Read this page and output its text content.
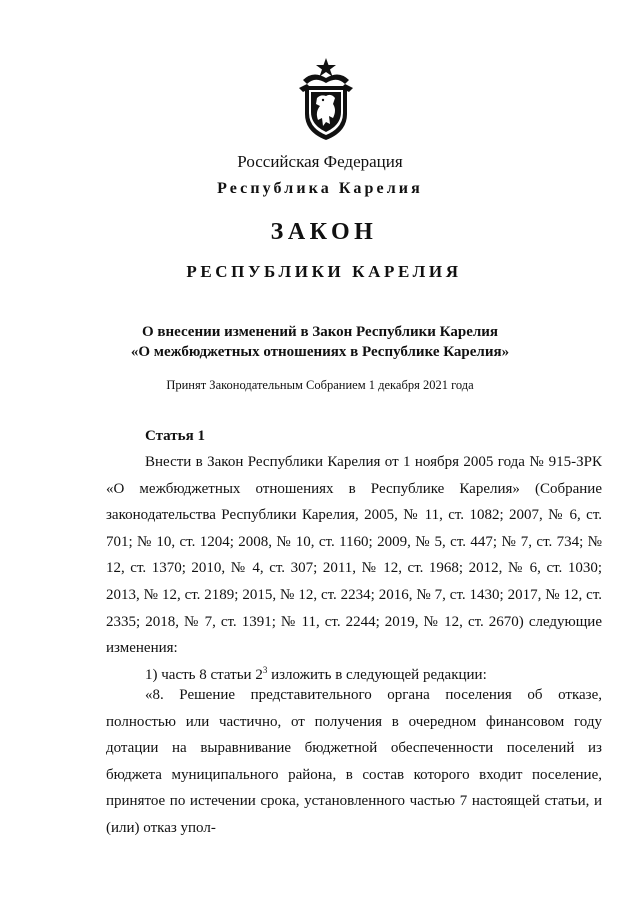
Российская Федерация
Республика Карелия
ЗАКОН
РЕСПУБЛИКИ КАРЕЛИЯ
О внесении изменений в Закон Республики Карелия
«О межбюджетных отношениях в Республике Карелия»
Принят Законодательным Собранием 1 декабря 2021 года
Статья 1
Внести в Закон Республики Карелия от 1 ноября 2005 года № 915-ЗРК «О межбюджетных отношениях в Республике Карелия» (Собрание законодательства Республики Карелия, 2005, № 11, ст. 1082; 2007, № 6, ст. 701; № 10, ст. 1204; 2008, № 10, ст. 1160; 2009, № 5, ст. 447; № 7, ст. 734; № 12, ст. 1370; 2010, № 4, ст. 307; 2011, № 12, ст. 1968; 2012, № 6, ст. 1030; 2013, № 12, ст. 2189; 2015, № 12, ст. 2234; 2016, № 7, ст. 1430; 2017, № 12, ст. 2335; 2018, № 7, ст. 1391; № 11, ст. 2244; 2019, № 12, ст. 2670) следующие изменения:
1) часть 8 статьи $2^3$ изложить в следующей редакции:
«8. Решение представительного органа поселения об отказе, полностью или частично, от получения в очередном финансовом году дотации на выравнивание бюджетной обеспеченности поселений из бюджета муниципального района, в состав которого входит поселение, принятое по истечении срока, установленного частью 7 настоящей статьи, и (или) отказ упол-
